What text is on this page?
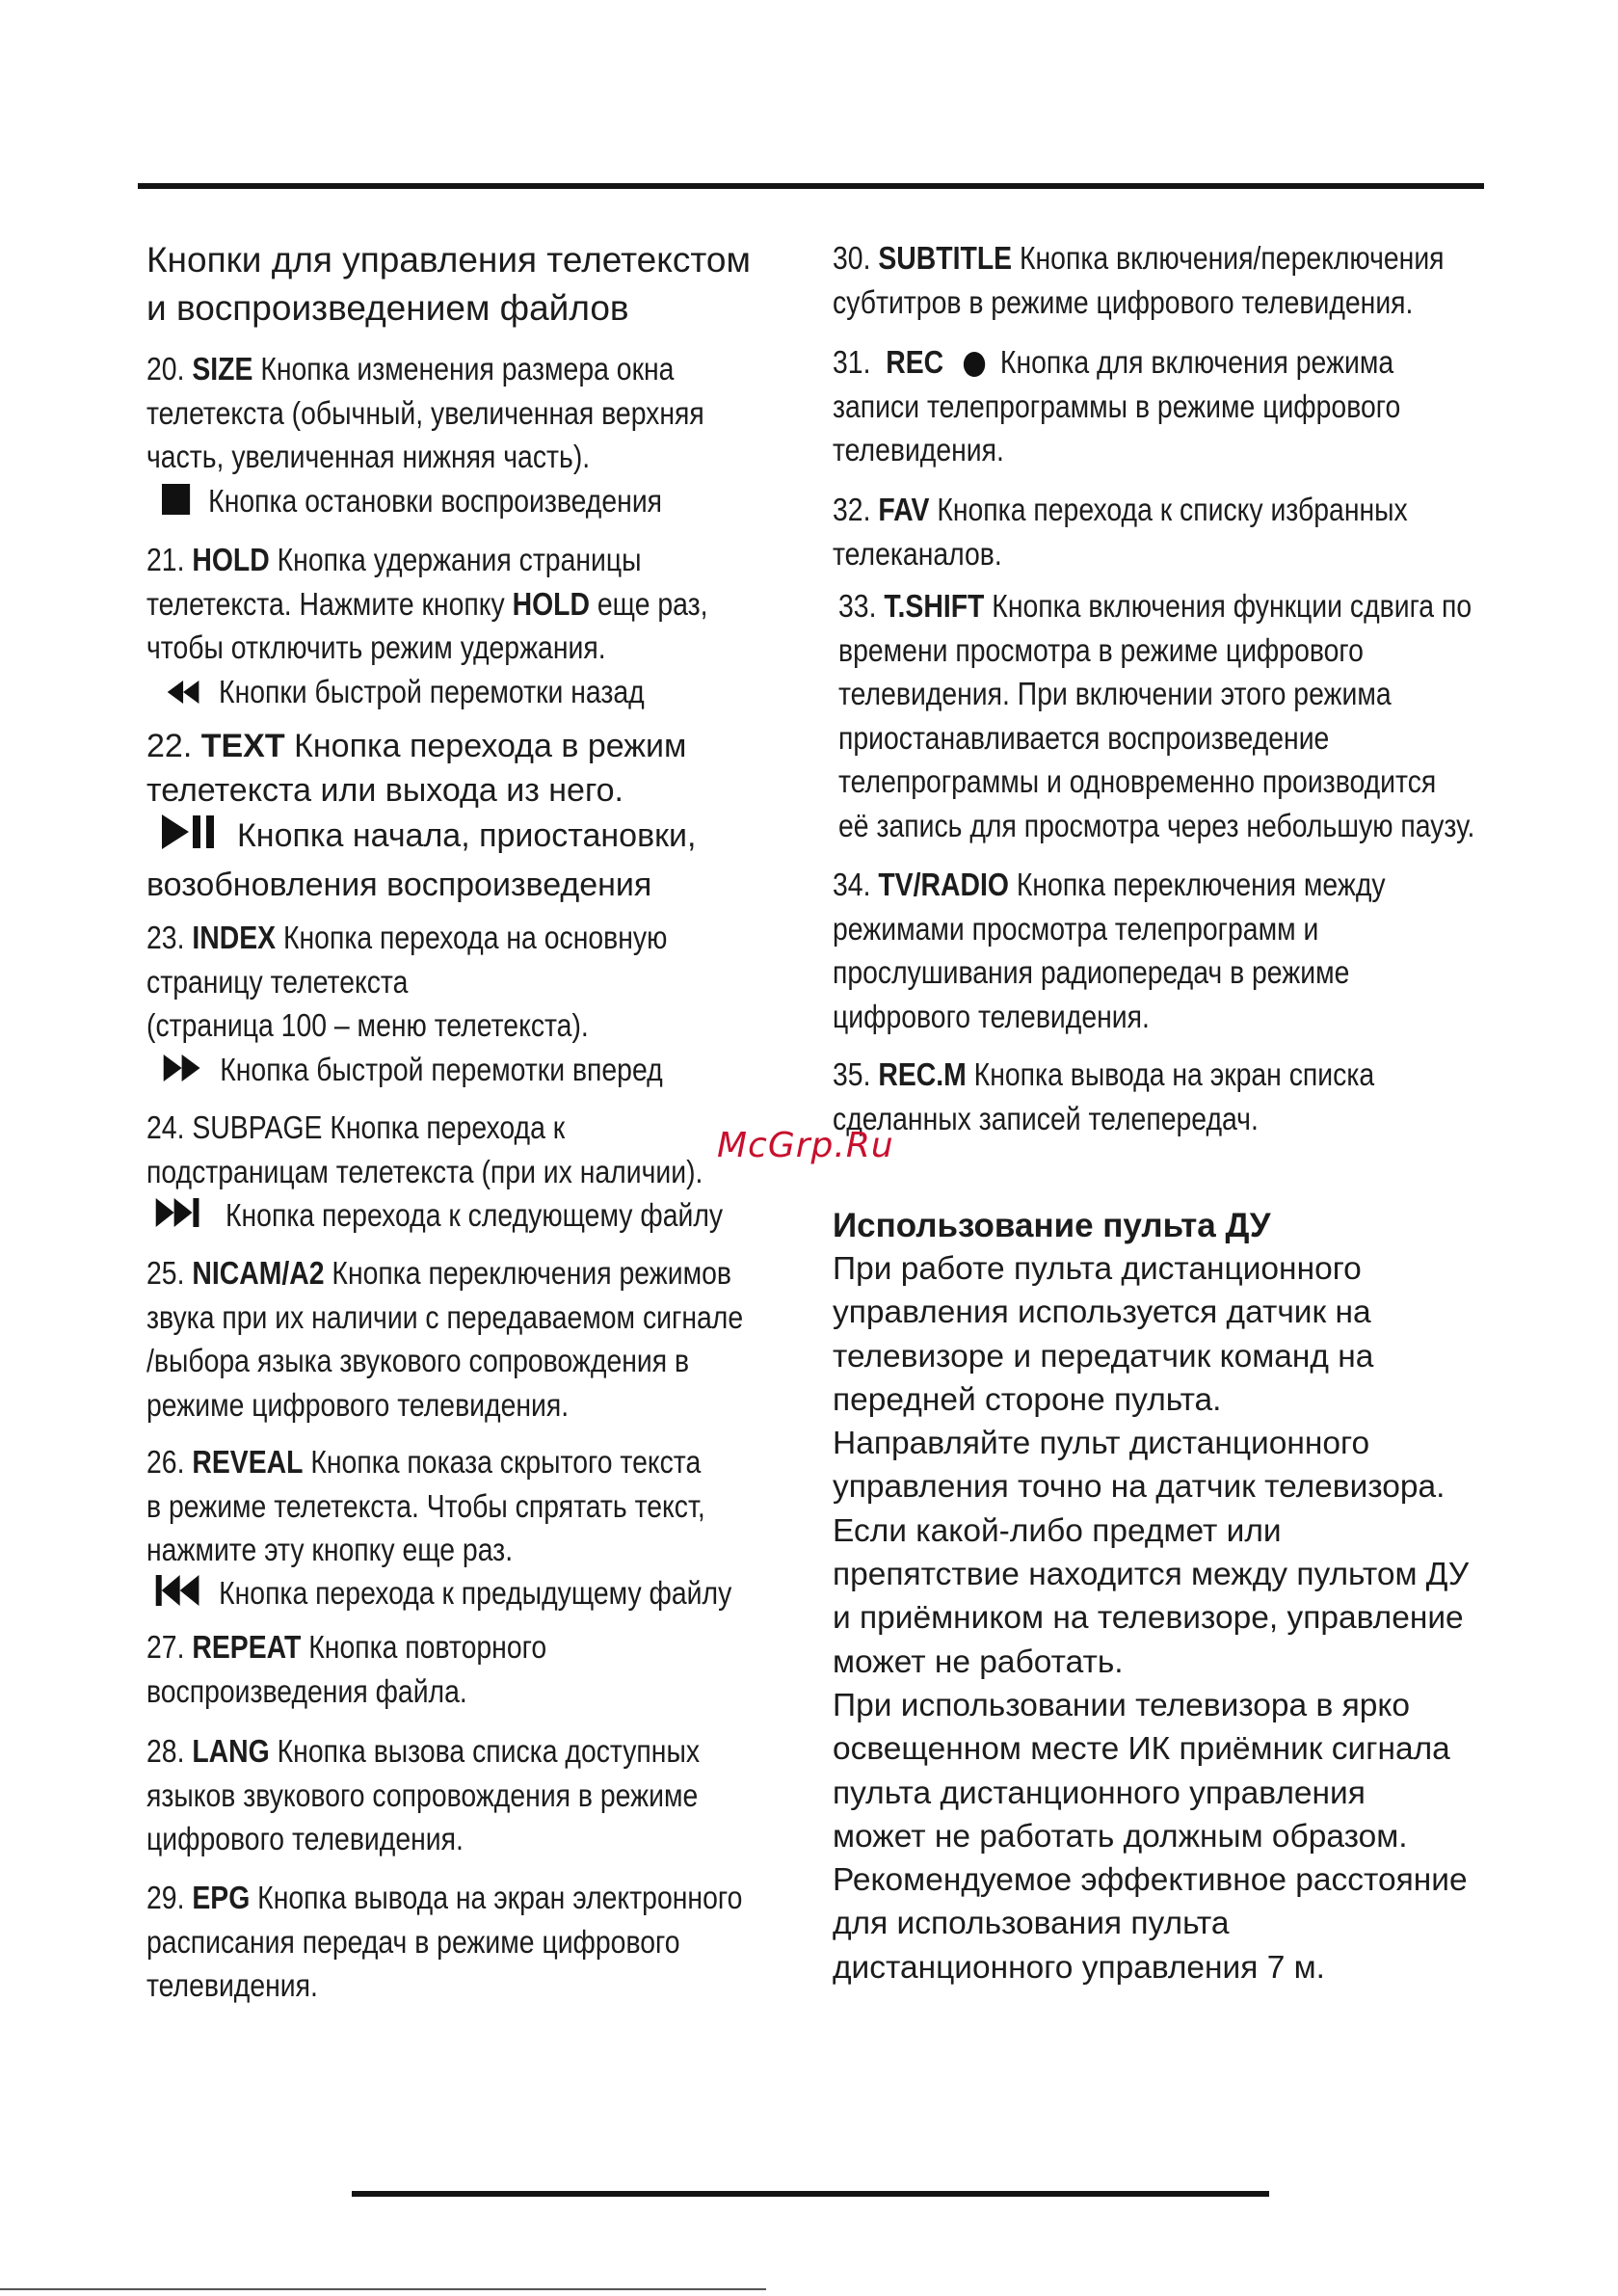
Кнопки для управления телетекстом
и воспроизведением файлов
20. SIZE Кнопка изменения размера окна
телетекста (обычный, увеличенная верхняя
часть, увеличенная нижняя часть).
Кнопка остановки воспроизведения
21. HOLD Кнопка удержания страницы
телетекста. Нажмите кнопку HOLD еще раз,
чтобы отключить режим удержания.
Кнопки быстрой перемотки назад
22. TEXT Кнопка перехода в режим
телетекста или выхода из него.
Кнопка начала, приостановки,
возобновления воспроизведения
23. INDEX Кнопка перехода на основную
страницу телетекста
(страница 100 – меню телетекста).
Кнопка быстрой перемотки вперед
24. SUBPAGE Кнопка перехода к
подстраницам телетекста (при их наличии).
Кнопка перехода к следующему файлу
25. NICAM/A2 Кнопка переключения режимов
звука при их наличии с передаваемом сигнале
/выбора языка звукового сопровождения в
режиме цифрового телевидения.
26. REVEAL Кнопка показа скрытого текста
в режиме телетекста. Чтобы спрятать текст,
нажмите эту кнопку еще раз.
Кнопка перехода к предыдущему файлу
27. REPEAT Кнопка повторного
воспроизведения файла.
28. LANG Кнопка вызова списка доступных
языков звукового сопровождения в режиме
цифрового телевидения.
29. EPG Кнопка вывода на экран электронного
расписания передач в режиме цифрового
телевидения.
30. SUBTITLE Кнопка включения/переключения
субтитров в режиме цифрового телевидения.
31. REC Кнопка для включения режима
записи телепрограммы в режиме цифрового
телевидения.
32. FAV Кнопка перехода к списку избранных
телеканалов.
33. T.SHIFT Кнопка включения функции сдвига по
времени просмотра в режиме цифрового
телевидения. При включении этого режима
приостанавливается воспроизведение
телепрограммы и одновременно производится
её запись для просмотра через небольшую паузу.
34. TV/RADIO Кнопка переключения между
режимами просмотра телепрограмм и
прослушивания радиопередач в режиме
цифрового телевидения.
35. REC.M Кнопка вывода на экран списка
сделанных записей телепередач.
Использование пульта ДУ
При работе пульта дистанционного
управления используется датчик на
телевизоре и передатчик команд на
передней стороне пульта.
Направляйте пульт дистанционного
управления точно на датчик телевизора.
Если какой-либо предмет или
препятствие находится между пультом ДУ
и приёмником на телевизоре, управление
может не работать.
При использовании телевизора в ярко
освещенном месте ИК приёмник сигнала
пульта дистанционного управления
может не работать должным образом.
Рекомендуемое эффективное расстояние
для использования пульта
дистанционного управления 7 м.
McGrp.Ru
